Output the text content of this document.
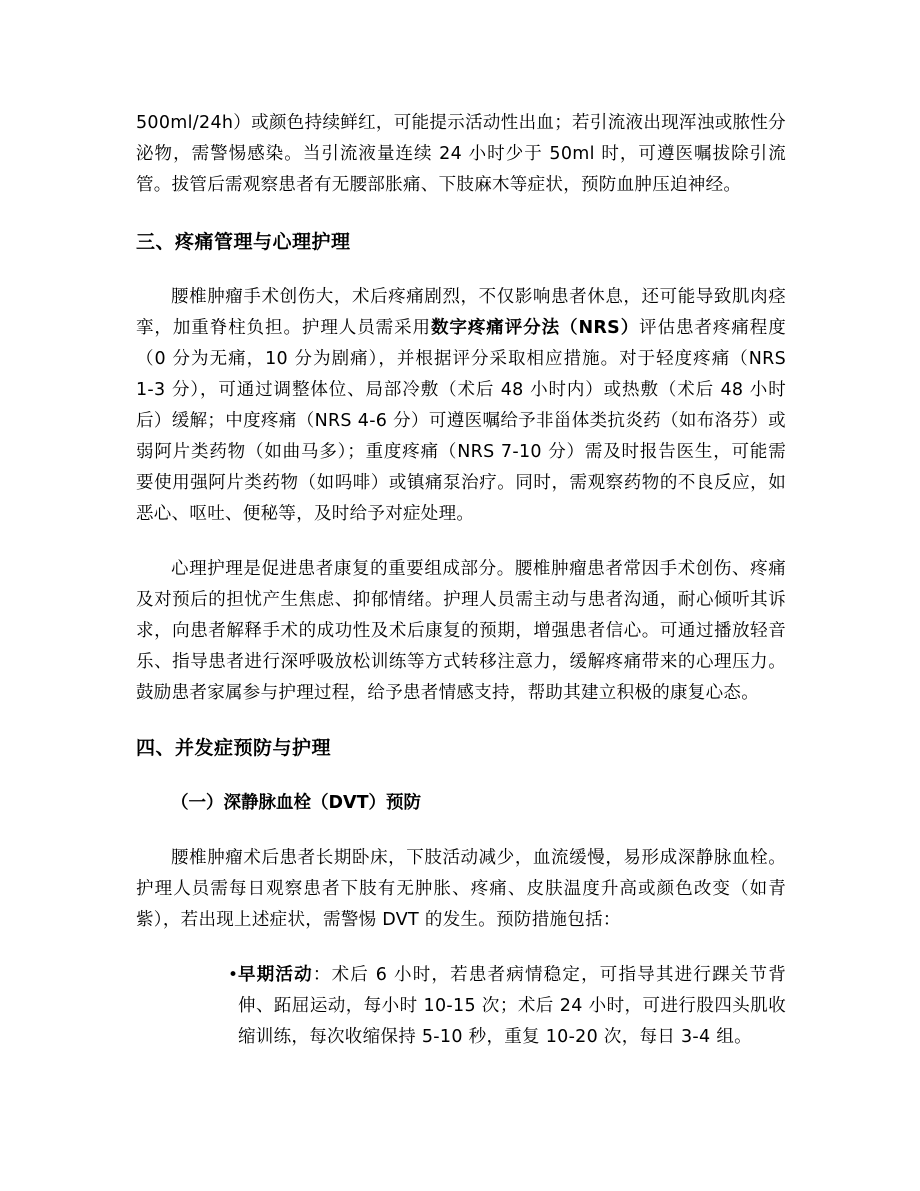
500ml/24h）或颜色持续鲜红，可能提示活动性出血；若引流液出现浑浊或脓性分泌物，需警惕感染。当引流液量连续 24 小时少于 50ml 时，可遵医嘱拔除引流管。拔管后需观察患者有无腰部胀痛、下肢麻木等症状，预防血肿压迫神经。

三、疼痛管理与心理护理

腰椎肿瘤手术创伤大，术后疼痛剧烈，不仅影响患者休息，还可能导致肌肉痉挛，加重脊柱负担。护理人员需采用数字疼痛评分法（NRS）评估患者疼痛程度（0 分为无痛，10 分为剧痛），并根据评分采取相应措施。对于轻度疼痛（NRS 1-3 分），可通过调整体位、局部冷敷（术后 48 小时内）或热敷（术后 48 小时后）缓解；中度疼痛（NRS 4-6 分）可遵医嘱给予非甾体类抗炎药（如布洛芬）或弱阿片类药物（如曲马多）；重度疼痛（NRS 7-10 分）需及时报告医生，可能需要使用强阿片类药物（如吗啡）或镇痛泵治疗。同时，需观察药物的不良反应，如恶心、呕吐、便秘等，及时给予对症处理。

心理护理是促进患者康复的重要组成部分。腰椎肿瘤患者常因手术创伤、疼痛及对预后的担忧产生焦虑、抑郁情绪。护理人员需主动与患者沟通，耐心倾听其诉求，向患者解释手术的成功性及术后康复的预期，增强患者信心。可通过播放轻音乐、指导患者进行深呼吸放松训练等方式转移注意力，缓解疼痛带来的心理压力。鼓励患者家属参与护理过程，给予患者情感支持，帮助其建立积极的康复心态。

四、并发症预防与护理
（一）深静脉血栓（DVT）预防

腰椎肿瘤术后患者长期卧床，下肢活动减少，血流缓慢，易形成深静脉血栓。护理人员需每日观察患者下肢有无肿胀、疼痛、皮肤温度升高或颜色改变（如青紫），若出现上述症状，需警惕 DVT 的发生。预防措施包括：

• 早期活动：术后 6 小时，若患者病情稳定，可指导其进行踝关节背伸、跖屈运动，每小时 10-15 次；术后 24 小时，可进行股四头肌收缩训练，每次收缩保持 5-10 秒，重复 10-20 次，每日 3-4 组。
